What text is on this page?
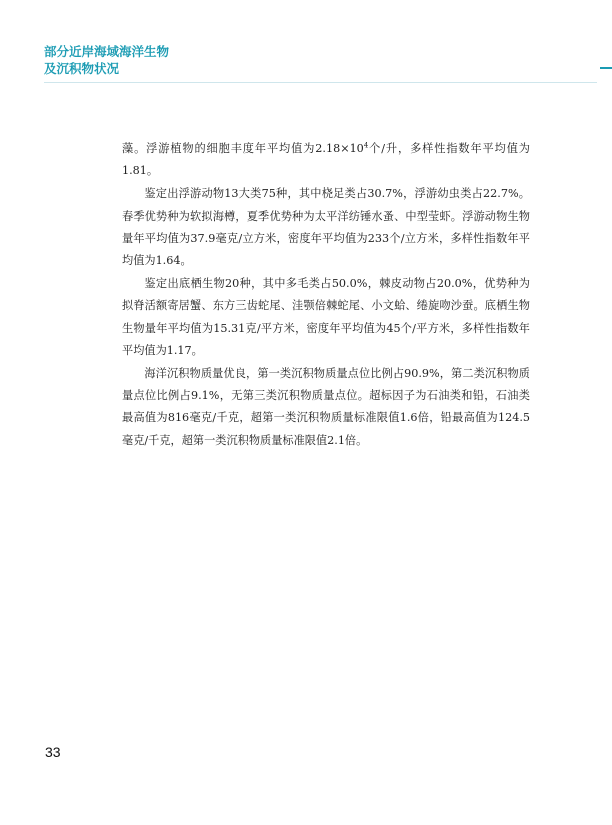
部分近岸海域海洋生物
及沉积物状况

藻。浮游植物的细胞丰度年平均值为$2.18\times 10^4$个/升，多样性指数年平均值为1.81。

鉴定出浮游动物13大类75种，其中桡足类占30.7%，浮游幼虫类占22.7%。春季优势种为软拟海樽，夏季优势种为太平洋纺锤水蚤、中型莹虾。浮游动物生物量年平均值为37.9毫克/立方米，密度年平均值为233个/立方米，多样性指数年平均值为1.64。

鉴定出底栖生物20种，其中多毛类占50.0%，棘皮动物占20.0%，优势种为拟脊活额寄居蟹、东方三齿蛇尾、洼颚倍棘蛇尾、小文蛤、绻旋吻沙蚕。底栖生物生物量年平均值为15.31克/平方米，密度年平均值为45个/平方米，多样性指数年平均值为1.17。

海洋沉积物质量优良，第一类沉积物质量点位比例占90.9%，第二类沉积物质量点位比例占9.1%，无第三类沉积物质量点位。超标因子为石油类和铅，石油类最高值为816毫克/千克，超第一类沉积物质量标准限值1.6倍，铅最高值为124.5毫克/千克，超第一类沉积物质量标准限值2.1倍。

33
